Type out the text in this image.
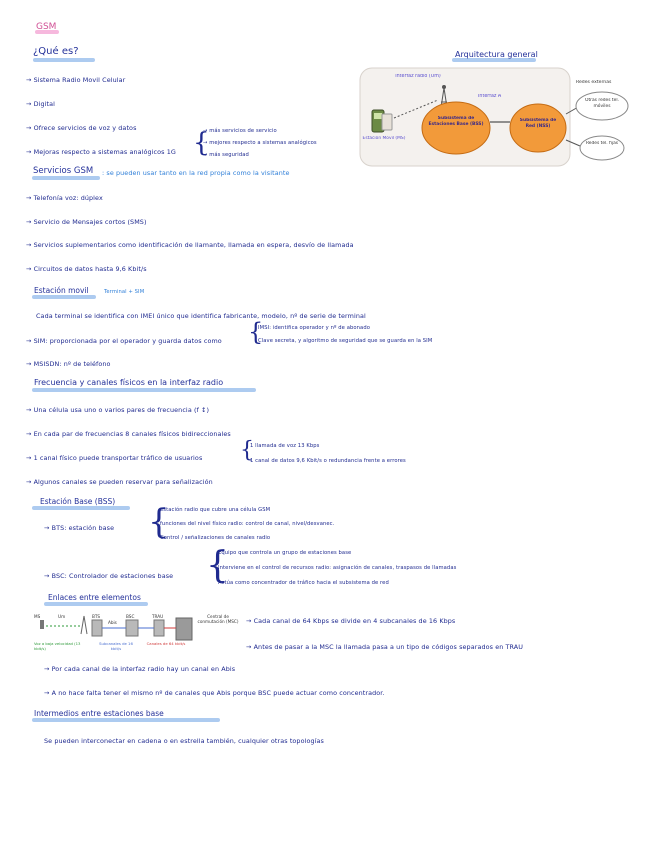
GSM
¿Qué es?
→ Sistema Radio Movil Celular
→ Digital
→ Ofrece servicios de voz y datos
→ Mejoras respecto a sistemas analógicos 1G {
→ más servicios de servicio
→ mejores respecto a sistemas analógicos
→ más seguridad
Arquitectura general
Interfaz radio (Um)
Interfaz A
Subsistema de Estaciones Base (BSS)
Subsistema de Red (NSS)
Estación Movil (MS)
Redes externas
Otras redes tel. móviles
Redes tel. fijas
Servicios GSM : se pueden usar tanto en la red propia como la visitante
→ Telefonía voz: dúplex
→ Servicio de Mensajes cortos (SMS)
→ Servicios suplementarios como identificación de llamante, llamada en espera, desvío de llamada
→ Circuitos de datos hasta 9,6 Kbit/s
Estación movil	Terminal + SIM
Cada terminal se identifica con IMEI único que identifica fabricante, modelo, nº de serie de terminal
→ SIM: proporcionada por el operador y guarda datos como {
IMSI: identifica operador y nº de abonado
Clave secreta, y algoritmo de seguridad que se guarda en la SIM
→ MSISDN: nº de teléfono
Frecuencia y canales físicos en la interfaz radio
→ Una célula usa uno o varios pares de frecuencia (f ↕)
→ En cada par de frecuencias 8 canales físicos bidireccionales
→ 1 canal físico puede transportar tráfico de usuarios {
1 llamada de voz 13 Kbps
1 canal de datos 9,6 Kbit/s o redundancia frente a errores
→ Algunos canales se pueden reservar para señalización
Estación Base (BSS)
→ BTS: estación base {
estación radio que cubre una célula GSM
funciones del nivel físico radio: control de canal, nivel/desvanec.
Control / señalizaciones de canales radio
→ BSC: Controlador de estaciones base {
Equipo que controla un grupo de estaciones base
Interviene en el control de recursos radio: asignación de canales, traspasos de llamadas
Actúa como concentrador de tráfico hacia el subsistema de red
Enlaces entre elementos
MS	Um	BTS
Abis
BSC	TRAU	Central de conmutación (MSC)
Voz a baja velocidad (13 kbit/s)
Subcanales de 16 kbit/s
Canales de 64 kbit/s
→ Cada canal de 64 Kbps se divide en 4 subcanales de 16 Kbps
→ Antes de pasar a la MSC la llamada pasa a un tipo de códigos separados en TRAU
→ Por cada canal de la interfaz radio hay un canal en Abis
→ A no hace falta tener el mismo nº de canales que Abis porque BSC puede actuar como concentrador.
Intermedios entre estaciones base
Se pueden interconectar en cadena o en estrella también, cualquier otras topologías
